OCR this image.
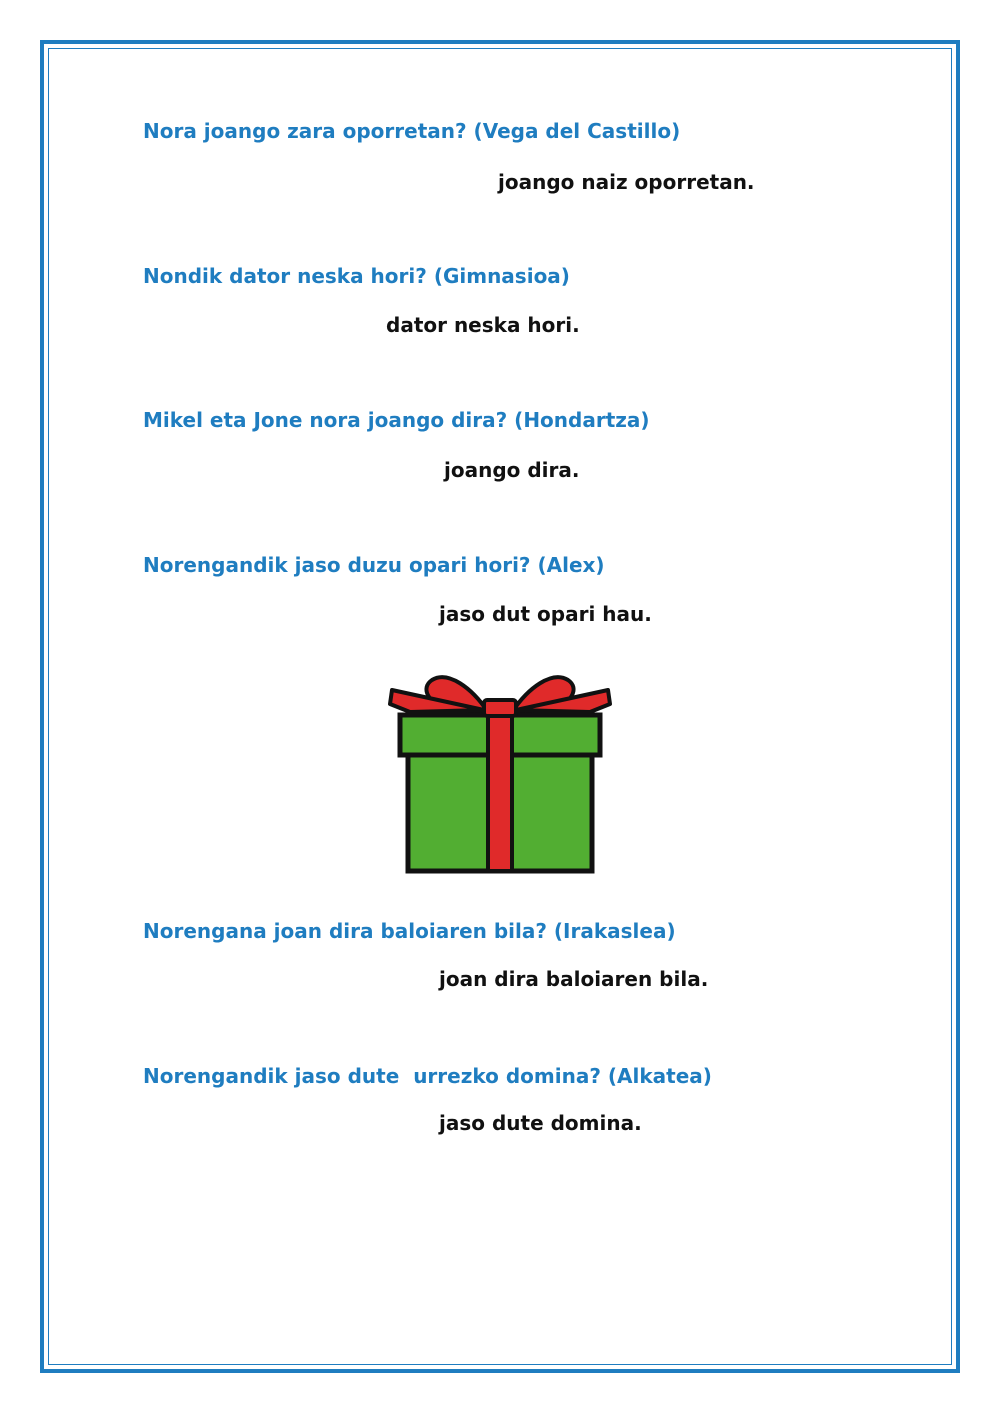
Nora joango zara oporretan? (Vega del Castillo)

joango naiz oporretan.

Nondik dator neska hori? (Gimnasioa)

dator neska hori.

Mikel eta Jone nora joango dira? (Hondartza)

joango dira.

Norengandik jaso duzu opari hori? (Alex)

jaso dut opari hau.

Norengana joan dira baloiaren bila? (Irakaslea)

joan dira baloiaren bila.

Norengandik jaso dute  urrezko domina? (Alkatea)

jaso dute domina.
